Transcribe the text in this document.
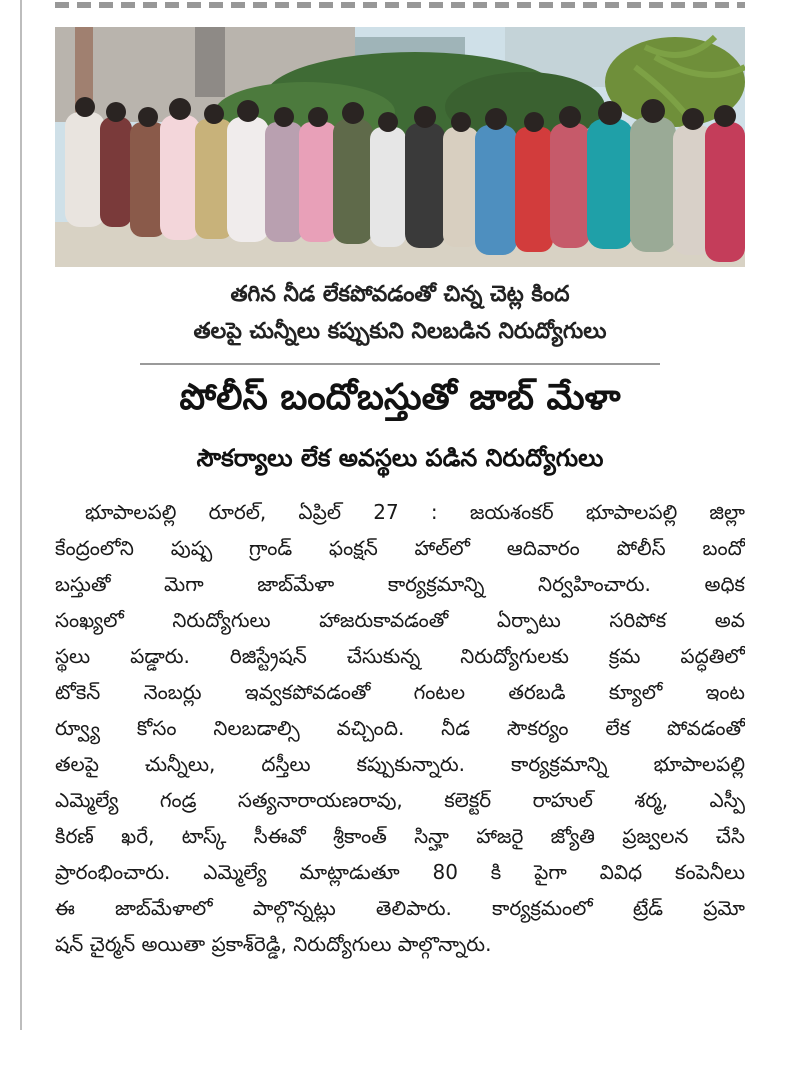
తగిన నీడ లేకపోవడంతో చిన్న చెట్ల కింద
తలపై చున్నీలు కప్పుకుని నిలబడిన నిరుద్యోగులు
పోలీస్ బందోబస్తుతో జాబ్ మేళా
సౌకర్యాలు లేక అవస్థలు పడిన నిరుద్యోగులు

భూపాలపల్లి రూరల్, ఏప్రిల్ 27 : జయశంకర్ భూపాలపల్లి జిల్లా

కేంద్రంలోని పుష్ప గ్రాండ్ ఫంక్షన్ హాల్‌లో ఆదివారం పోలీస్ బందో

బస్తుతో మెగా జాబ్‌మేళా కార్యక్రమాన్ని నిర్వహించారు. అధిక

సంఖ్యలో నిరుద్యోగులు హాజరుకావడంతో ఏర్పాటు సరిపోక అవ

స్థలు పడ్డారు. రిజిస్ట్రేషన్ చేసుకున్న నిరుద్యోగులకు క్రమ పద్ధతిలో

టోకెన్ నెంబర్లు ఇవ్వకపోవడంతో గంటల తరబడి క్యూలో ఇంట

ర్వ్యూ కోసం నిలబడాల్సి వచ్చింది. నీడ సౌకర్యం లేక పోవడంతో

తలపై చున్నీలు, దస్తీలు కప్పుకున్నారు. కార్యక్రమాన్ని భూపాలపల్లి

ఎమ్మెల్యే గండ్ర సత్యనారాయణరావు, కలెక్టర్ రాహుల్ శర్మ, ఎస్పీ

కిరణ్ ఖరే, టాస్క్ సీఈవో శ్రీకాంత్ సిన్హా హాజరై జ్యోతి ప్రజ్వలన చేసి

ప్రారంభించారు. ఎమ్మెల్యే మాట్లాడుతూ 80 కి పైగా వివిధ కంపెనీలు

ఈ జాబ్‌మేళాలో పాల్గొన్నట్లు తెలిపారు. కార్యక్రమంలో ట్రేడ్ ప్రమో

షన్ చైర్మన్ అయితా ప్రకాశ్‌రెడ్డి, నిరుద్యోగులు పాల్గొన్నారు.
